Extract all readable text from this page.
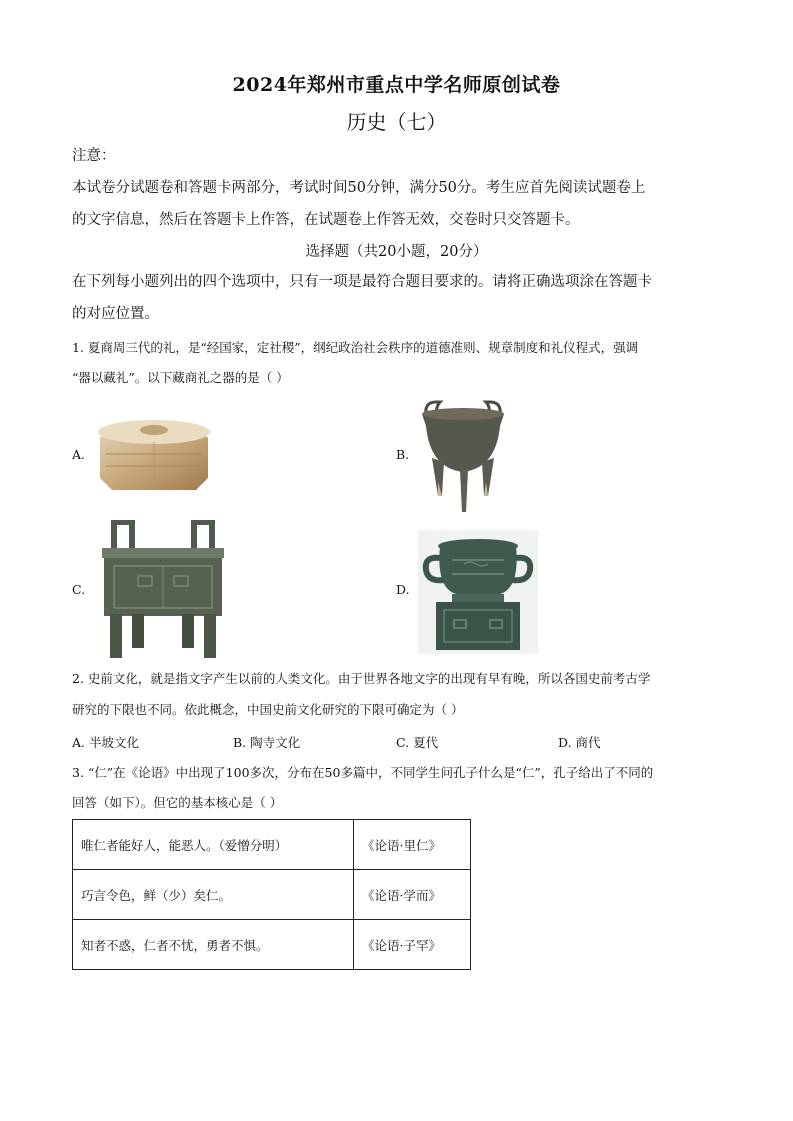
2024年郑州市重点中学名师原创试卷
历史（七）
注意：
本试卷分试题卷和答题卡两部分，考试时间50分钟，满分50分。考生应首先阅读试题卷上
的文字信息，然后在答题卡上作答，在试题卷上作答无效，交卷时只交答题卡。
选择题（共20小题，20分）
在下列每小题列出的四个选项中，只有一项是最符合题目要求的。请将正确选项涂在答题卡
的对应位置。
1. 夏商周三代的礼，是“经国家，定社稷”，纲纪政治社会秩序的道德准则、规章制度和礼仪程式，强调
“器以藏礼”。以下藏商礼之器的是（ ）
A.	B.
C.	D.
2. 史前文化，就是指文字产生以前的人类文化。由于世界各地文字的出现有早有晚，所以各国史前考古学
研究的下限也不同。依此概念，中国史前文化研究的下限可确定为（ ）
A. 半坡文化	B. 陶寺文化	C. 夏代	D. 商代
3. “仁”在《论语》中出现了100多次，分布在50多篇中，不同学生问孔子什么是“仁”，孔子给出了不同的
回答（如下）。但它的基本核心是（ ）
唯仁者能好人，能恶人。（爱憎分明）	《论语·里仁》
巧言令色，鲜（少）矣仁。	《论语·学而》
知者不惑，仁者不忧，勇者不惧。	《论语·子罕》
